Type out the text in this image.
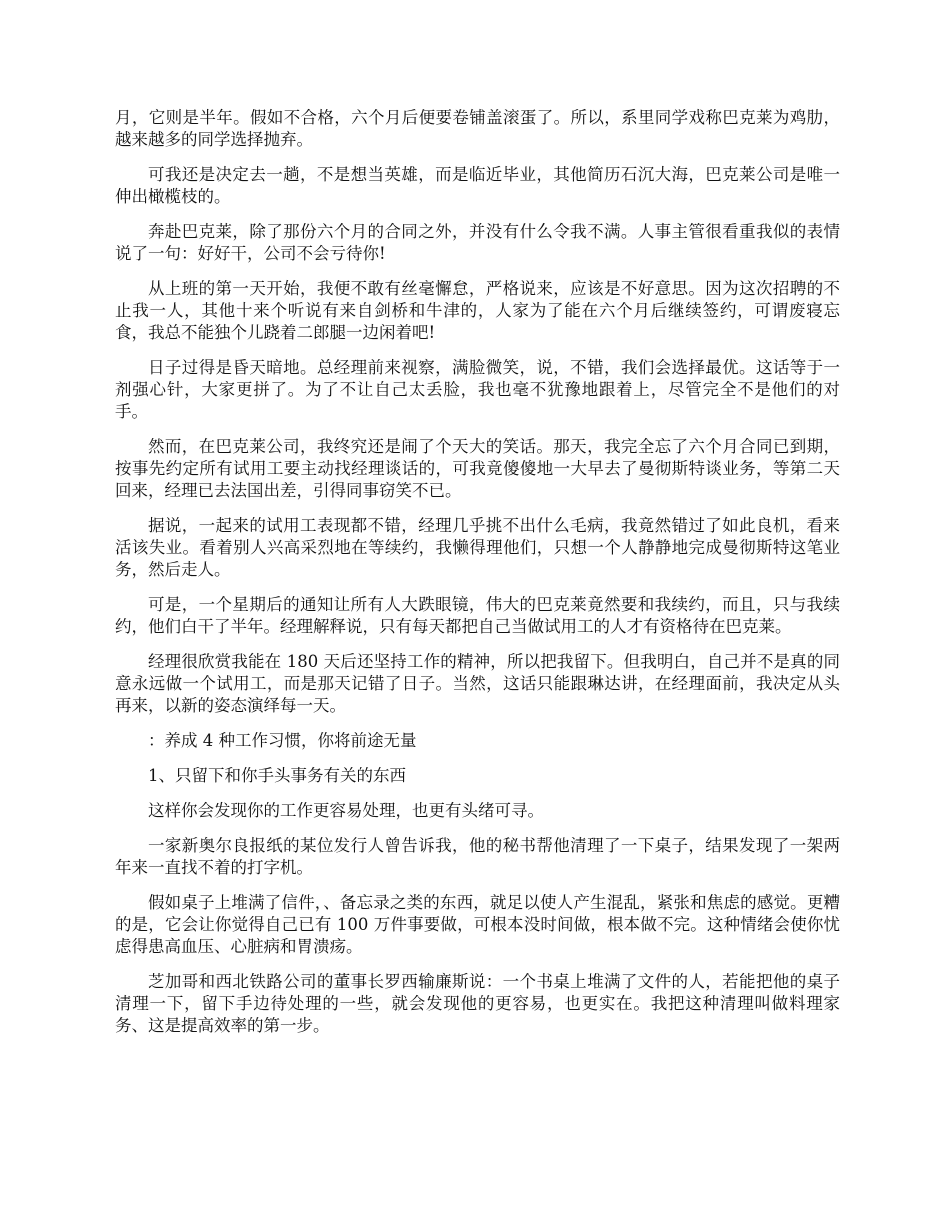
月，它则是半年。假如不合格，六个月后便要卷铺盖滚蛋了。所以，系里同学戏称巴克莱为鸡肋，越来越多的同学选择抛弃。

可我还是决定去一趟，不是想当英雄，而是临近毕业，其他简历石沉大海，巴克莱公司是唯一伸出橄榄枝的。

奔赴巴克莱，除了那份六个月的合同之外，并没有什么令我不满。人事主管很看重我似的表情说了一句：好好干，公司不会亏待你!

从上班的第一天开始，我便不敢有丝毫懈怠，严格说来，应该是不好意思。因为这次招聘的不止我一人，其他十来个听说有来自剑桥和牛津的，人家为了能在六个月后继续签约，可谓废寝忘食，我总不能独个儿跷着二郎腿一边闲着吧!

日子过得是昏天暗地。总经理前来视察，满脸微笑，说，不错，我们会选择最优。这话等于一剂强心针，大家更拼了。为了不让自己太丢脸，我也毫不犹豫地跟着上，尽管完全不是他们的对手。

然而，在巴克莱公司，我终究还是闹了个天大的笑话。那天，我完全忘了六个月合同已到期，按事先约定所有试用工要主动找经理谈话的，可我竟傻傻地一大早去了曼彻斯特谈业务，等第二天回来，经理已去法国出差，引得同事窃笑不已。

据说，一起来的试用工表现都不错，经理几乎挑不出什么毛病，我竟然错过了如此良机，看来活该失业。看着别人兴高采烈地在等续约，我懒得理他们，只想一个人静静地完成曼彻斯特这笔业务，然后走人。

可是，一个星期后的通知让所有人大跌眼镜，伟大的巴克莱竟然要和我续约，而且，只与我续约，他们白干了半年。经理解释说，只有每天都把自己当做试用工的人才有资格待在巴克莱。

经理很欣赏我能在 180 天后还坚持工作的精神，所以把我留下。但我明白，自己并不是真的同意永远做一个试用工，而是那天记错了日子。当然，这话只能跟琳达讲，在经理面前，我决定从头再来，以新的姿态演绎每一天。

：养成 4 种工作习惯，你将前途无量

1、只留下和你手头事务有关的东西

这样你会发现你的工作更容易处理，也更有头绪可寻。

一家新奥尔良报纸的某位发行人曾告诉我，他的秘书帮他清理了一下桌子，结果发现了一架两年来一直找不着的打字机。

假如桌子上堆满了信件，、备忘录之类的东西，就足以使人产生混乱，紧张和焦虑的感觉。更糟的是，它会让你觉得自己已有 100 万件事要做，可根本没时间做，根本做不完。这种情绪会使你忧虑得患高血压、心脏病和胃溃疡。

芝加哥和西北铁路公司的董事长罗西输廉斯说：一个书桌上堆满了文件的人，若能把他的桌子清理一下，留下手边待处理的一些，就会发现他的更容易，也更实在。我把这种清理叫做料理家务、这是提高效率的第一步。
